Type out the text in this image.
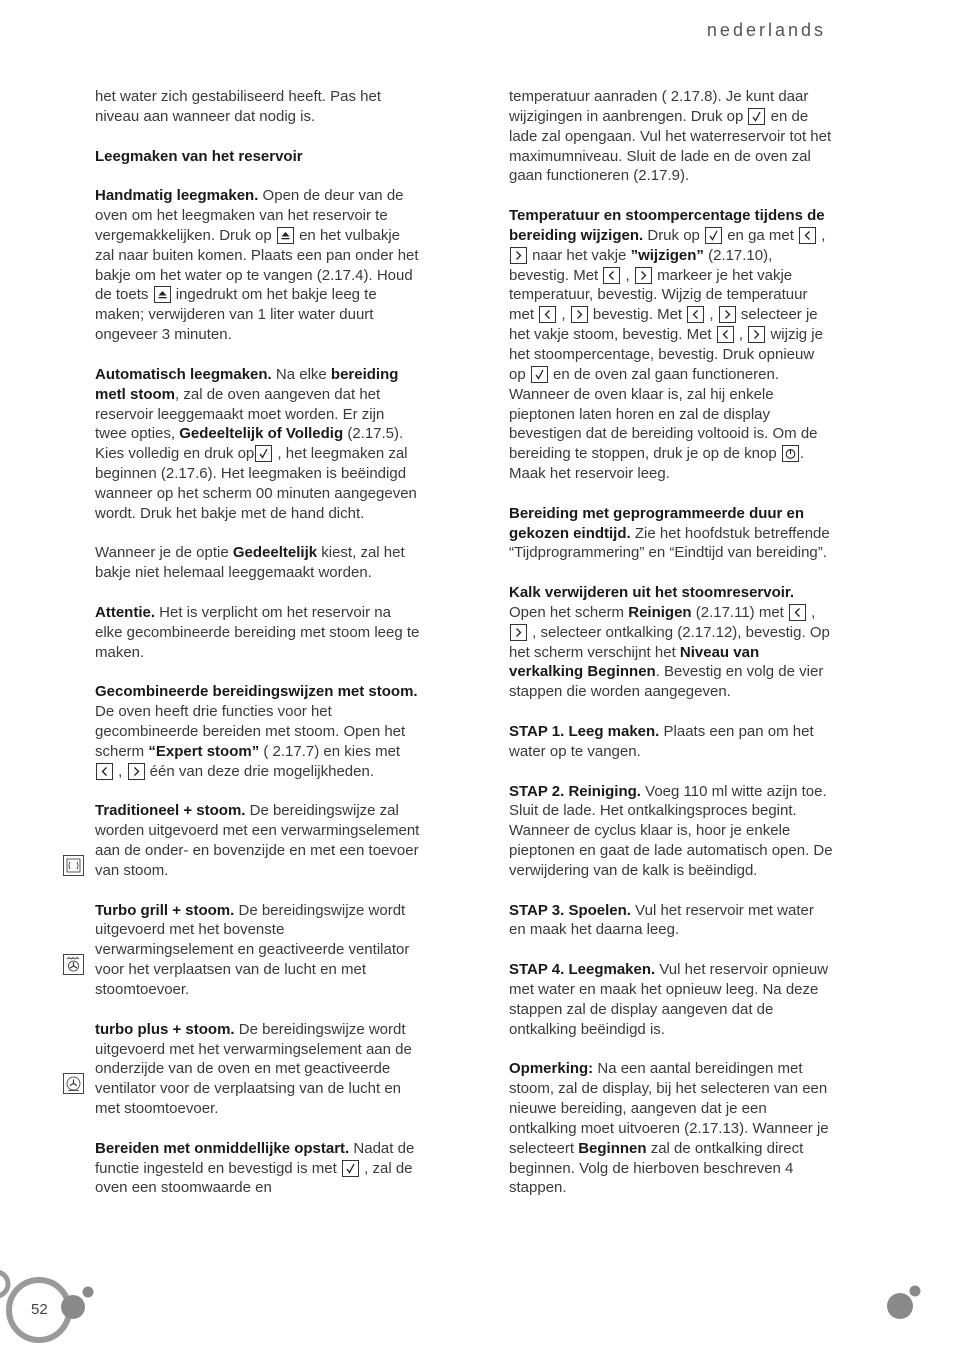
nederlands
het water zich gestabiliseerd heeft. Pas het niveau aan wanneer dat nodig is.
Leegmaken van het reservoir
Handmatig leegmaken. Open de deur van de oven om het leegmaken van het reservoir te vergemakkelijken. Druk op
en het vulbakje zal naar buiten komen. Plaats een pan onder het bakje om het water op te vangen (2.17.4). Houd de toets
ingedrukt om het bakje leeg te maken; verwijderen van 1 liter water duurt ongeveer 3 minuten.
Automatisch leegmaken. Na elke bereiding metl stoom, zal de oven aangeven dat het reservoir leeggemaakt moet worden. Er zijn twee opties, Gedeeltelijk of Volledig (2.17.5). Kies volledig en druk op
, het leegmaken zal beginnen (2.17.6). Het leegmaken is beëindigd wanneer op het scherm 00 minuten aangegeven wordt. Druk het bakje met de hand dicht.
Wanneer je de optie Gedeeltelijk kiest, zal het bakje niet helemaal leeggemaakt worden.
Attentie. Het is verplicht om het reservoir na elke gecombineerde bereiding met stoom leeg te maken.
Gecombineerde bereidingswijzen met stoom. De oven heeft drie functies voor het gecombineerde bereiden met stoom. Open het scherm “Expert stoom” ( 2.17.7) en kies met
,
één van deze drie mogelijkheden.
Traditioneel + stoom. De bereidingswijze zal worden uitgevoerd met een verwarmingselement aan de onder- en bovenzijde en met een toevoer van stoom.
Turbo grill + stoom. De bereidingswijze wordt uitgevoerd met het bovenste verwarmingselement en geactiveerde ventilator voor het verplaatsen van de lucht en met stoomtoevoer.
turbo plus + stoom. De bereidingswijze wordt uitgevoerd met het verwarmingselement aan de onderzijde van de oven en met geactiveerde ventilator voor de verplaatsing van de lucht en met stoomtoevoer.
Bereiden met onmiddellijke opstart. Nadat de functie ingesteld en bevestigd is met
, zal de oven een stoomwaarde en
temperatuur aanraden ( 2.17.8). Je kunt daar wijzigingen in aanbrengen. Druk op
en de lade zal opengaan. Vul het waterreservoir tot het maximumniveau. Sluit de lade en de oven zal gaan functioneren (2.17.9).
Temperatuur en stoompercentage tijdens de bereiding wijzigen. Druk op
en ga met
,
naar het vakje ”wijzigen” (2.17.10), bevestig. Met
,
markeer je het vakje temperatuur, bevestig. Wijzig de temperatuur met
,
bevestig. Met
,
selecteer je het vakje stoom, bevestig. Met
,
wijzig je het stoompercentage, bevestig. Druk opnieuw op
en de oven zal gaan functioneren. Wanneer de oven klaar is, zal hij enkele pieptonen laten horen en zal de display bevestigen dat de bereiding voltooid is. Om de bereiding te stoppen, druk je op de knop
. Maak het reservoir leeg.
Bereiding met geprogrammeerde duur en gekozen eindtijd. Zie het hoofdstuk betreffende “Tijdprogrammering” en “Eindtijd van bereiding”.
Kalk verwijderen uit het stoomreservoir. Open het scherm Reinigen (2.17.11) met
,
, selecteer ontkalking (2.17.12), bevestig. Op het scherm verschijnt het Niveau van verkalking Beginnen. Bevestig en volg de vier stappen die worden aangegeven.
STAP 1. Leeg maken. Plaats een pan om het water op te vangen.
STAP 2. Reiniging. Voeg 110 ml witte azijn toe. Sluit de lade. Het ontkalkingsproces begint. Wanneer de cyclus klaar is, hoor je enkele pieptonen en gaat de lade automatisch open. De verwijdering van de kalk is beëindigd.
STAP 3. Spoelen. Vul het reservoir met water en maak het daarna leeg.
STAP 4. Leegmaken. Vul het reservoir opnieuw met water en maak het opnieuw leeg. Na deze stappen zal de display aangeven dat de ontkalking beëindigd is.
Opmerking: Na een aantal bereidingen met stoom, zal de display, bij het selecteren van een nieuwe bereiding, aangeven dat je een ontkalking moet uitvoeren (2.17.13). Wanneer je selecteert Beginnen zal de ontkalking direct beginnen. Volg de hierboven beschreven 4 stappen.
52
